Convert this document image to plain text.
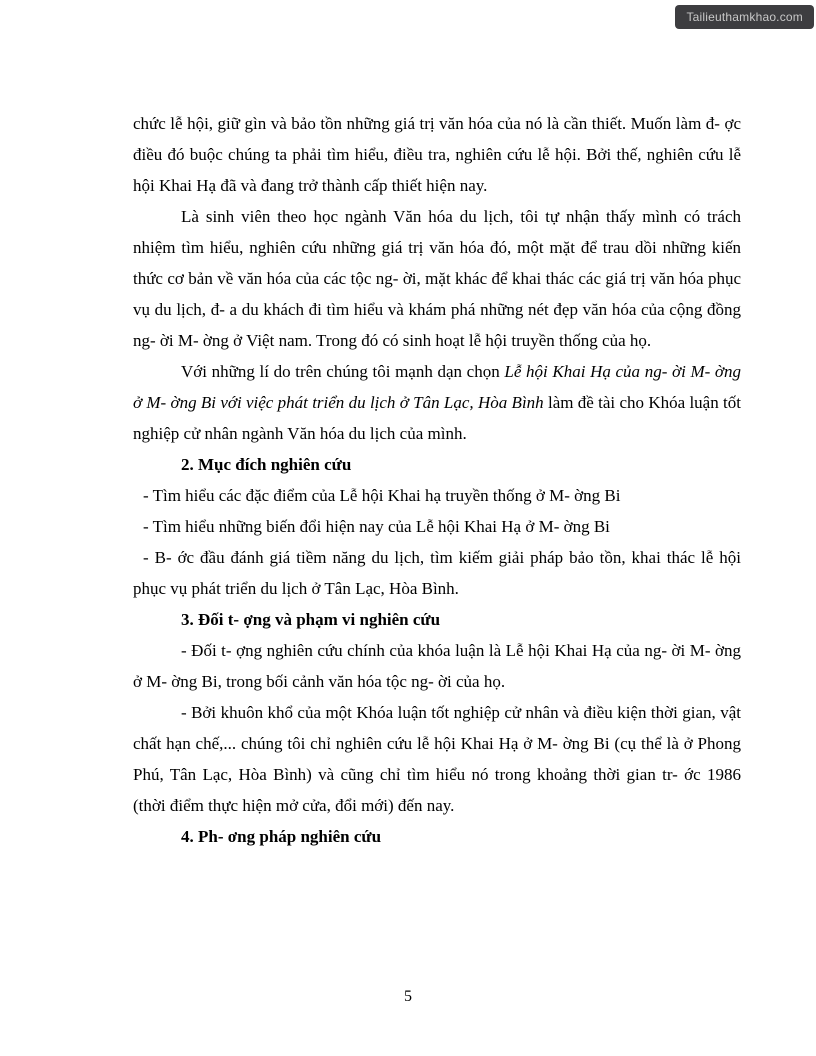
Tailieuthamkhao.com

chức lễ hội, giữ gìn và bảo tồn những giá trị văn hóa của nó là cần thiết. Muốn làm đ- ợc điều đó buộc chúng ta phải tìm hiểu, điều tra, nghiên cứu lễ hội. Bởi thế, nghiên cứu lễ hội Khai Hạ đã và đang trở thành cấp thiết hiện nay.

Là sinh viên theo học ngành Văn hóa du lịch, tôi tự nhận thấy mình có trách nhiệm tìm hiểu, nghiên cứu những giá trị văn hóa đó, một mặt để trau dồi những kiến thức cơ bản về văn hóa của các tộc ng- ời, mặt khác để khai thác các giá trị văn hóa phục vụ du lịch, đ- a du khách đi tìm hiểu và khám phá những nét đẹp văn hóa của cộng đồng ng- ời M- ờng ở Việt nam. Trong đó có sinh hoạt lễ hội truyền thống của họ.

Với những lí do trên chúng tôi mạnh dạn chọn Lễ hội Khai Hạ của ng- ời M- ờng ở M- ờng Bi với việc phát triển du lịch ở Tân Lạc, Hòa Bình làm đề tài cho Khóa luận tốt nghiệp cử nhân ngành Văn hóa du lịch của mình.

2. Mục đích nghiên cứu

- Tìm hiểu các đặc điểm của Lễ hội Khai hạ truyền thống ở M- ờng Bi

- Tìm hiểu những biến đổi hiện nay của Lễ hội Khai Hạ ở M- ờng Bi

- B- ớc đầu đánh giá tiềm năng du lịch, tìm kiếm giải pháp bảo tồn, khai thác lễ hội phục vụ phát triển du lịch ở Tân Lạc, Hòa Bình.

3. Đối t- ợng và phạm vi nghiên cứu

- Đối t- ợng nghiên cứu chính của khóa luận là Lễ hội Khai Hạ của ng- ời M- ờng ở M- ờng Bi, trong bối cảnh văn hóa tộc ng- ời của họ.

- Bởi khuôn khổ của một Khóa luận tốt nghiệp cử nhân và điều kiện thời gian, vật chất hạn chế,... chúng tôi chỉ nghiên cứu lễ hội Khai Hạ ở M- ờng Bi (cụ thể là ở Phong Phú, Tân Lạc, Hòa Bình) và cũng chỉ tìm hiểu nó trong khoảng thời gian tr- ớc 1986 (thời điểm thực hiện mở cửa, đổi mới) đến nay.

4. Ph- ơng pháp nghiên cứu

5
